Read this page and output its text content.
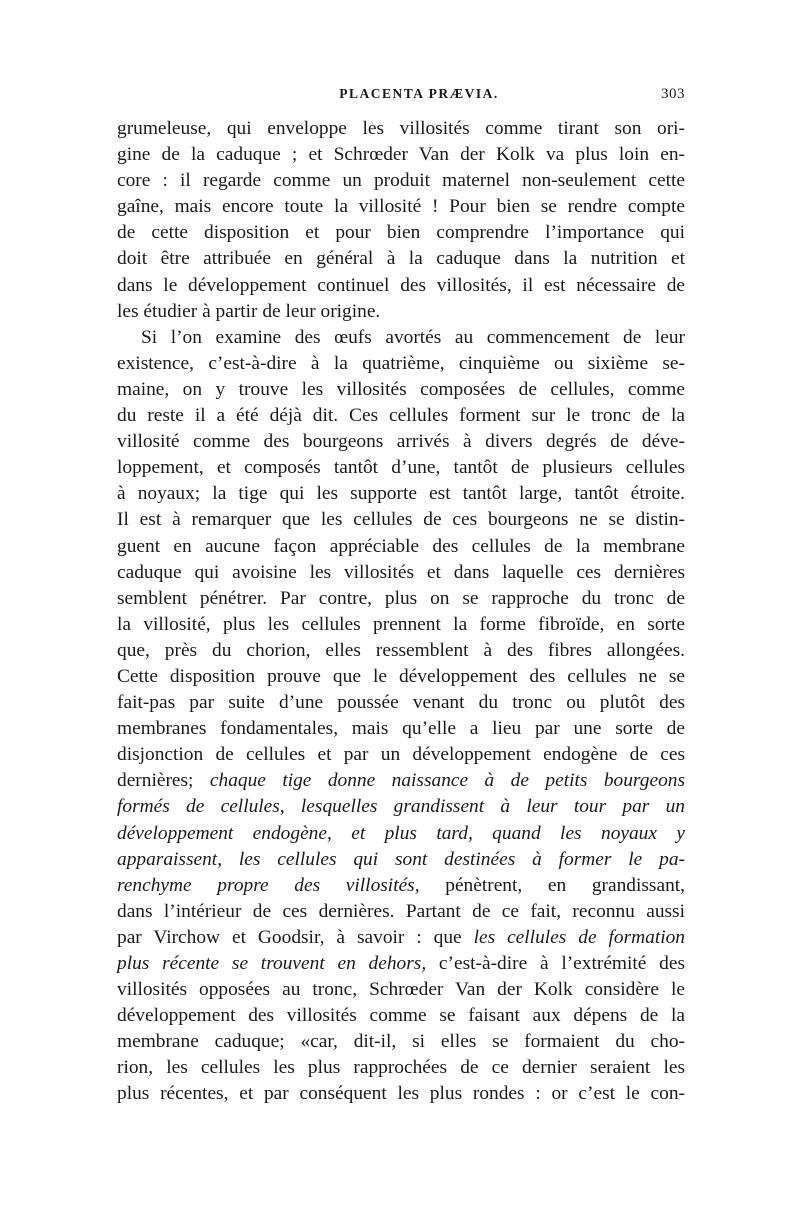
PLACENTA PRÆVIA.	303
grumeleuse, qui enveloppe les villosités comme tirant son ori-
gine de la caduque ; et Schrœder Van der Kolk va plus loin en-
core : il regarde comme un produit maternel non-seulement cette
gaîne, mais encore toute la villosité ! Pour bien se rendre compte
de cette disposition et pour bien comprendre l’importance qui
doit être attribuée en général à la caduque dans la nutrition et
dans le développement continuel des villosités, il est nécessaire de
les étudier à partir de leur origine.
Si l’on examine des œufs avortés au commencement de leur
existence, c’est-à-dire à la quatrième, cinquième ou sixième se-
maine, on y trouve les villosités composées de cellules, comme
du reste il a été déjà dit. Ces cellules forment sur le tronc de la
villosité comme des bourgeons arrivés à divers degrés de déve-
loppement, et composés tantôt d’une, tantôt de plusieurs cellules
à noyaux; la tige qui les supporte est tantôt large, tantôt étroite.
Il est à remarquer que les cellules de ces bourgeons ne se distin-
guent en aucune façon appréciable des cellules de la membrane
caduque qui avoisine les villosités et dans laquelle ces dernières
semblent pénétrer. Par contre, plus on se rapproche du tronc de
la villosité, plus les cellules prennent la forme fibroïde, en sorte
que, près du chorion, elles ressemblent à des fibres allongées.
Cette disposition prouve que le développement des cellules ne se
fait-pas par suite d’une poussée venant du tronc ou plutôt des
membranes fondamentales, mais qu’elle a lieu par une sorte de
disjonction de cellules et par un développement endogène de ces
dernières; chaque tige donne naissance à de petits bourgeons
formés de cellules, lesquelles grandissent à leur tour par un
développement endogène, et plus tard, quand les noyaux y
apparaissent, les cellules qui sont destinées à former le pa-
renchyme propre des villosités, pénètrent, en grandissant,
dans l’intérieur de ces dernières. Partant de ce fait, reconnu aussi
par Virchow et Goodsir, à savoir : que les cellules de formation
plus récente se trouvent en dehors, c’est-à-dire à l’extrémité des
villosités opposées au tronc, Schrœder Van der Kolk considère le
développement des villosités comme se faisant aux dépens de la
membrane caduque; «car, dit-il, si elles se formaient du cho-
rion, les cellules les plus rapprochées de ce dernier seraient les
plus récentes, et par conséquent les plus rondes : or c’est le con-
